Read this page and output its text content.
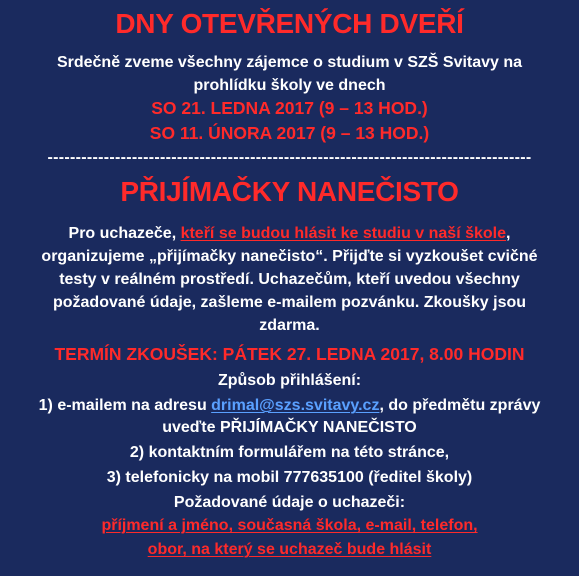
DNY OTEVŘENÝCH DVEŘÍ
Srdečně zveme všechny zájemce o studium v SZŠ Svitavy na
prohlídku školy ve dnech
SO 21. LEDNA 2017 (9 – 13 HOD.)
SO 11. ÚNORA 2017 (9 – 13 HOD.)
--------------------------------------------------------------------------------------
PŘIJÍMAČKY NANEČISTO
Pro uchazeče, kteří se budou hlásit ke studiu v naší škole,
organizujeme „přijímačky nanečisto“. Přijďte si vyzkoušet cvičné
testy v reálném prostředí. Uchazečům, kteří uvedou všechny
požadované údaje, zašleme e-mailem pozvánku. Zkoušky jsou
zdarma.
TERMÍN ZKOUŠEK: PÁTEK 27. LEDNA 2017, 8.00 HODIN
Způsob přihlášení:
1) e-mailem na adresu drimal@szs.svitavy.cz, do předmětu zprávy
uveďte PŘIJÍMAČKY NANEČISTO
2) kontaktním formulářem na této stránce,
3) telefonicky na mobil 777635100 (ředitel školy)
Požadované údaje o uchazeči:
příjmení a jméno, současná škola, e-mail, telefon,
obor, na který se uchazeč bude hlásit
